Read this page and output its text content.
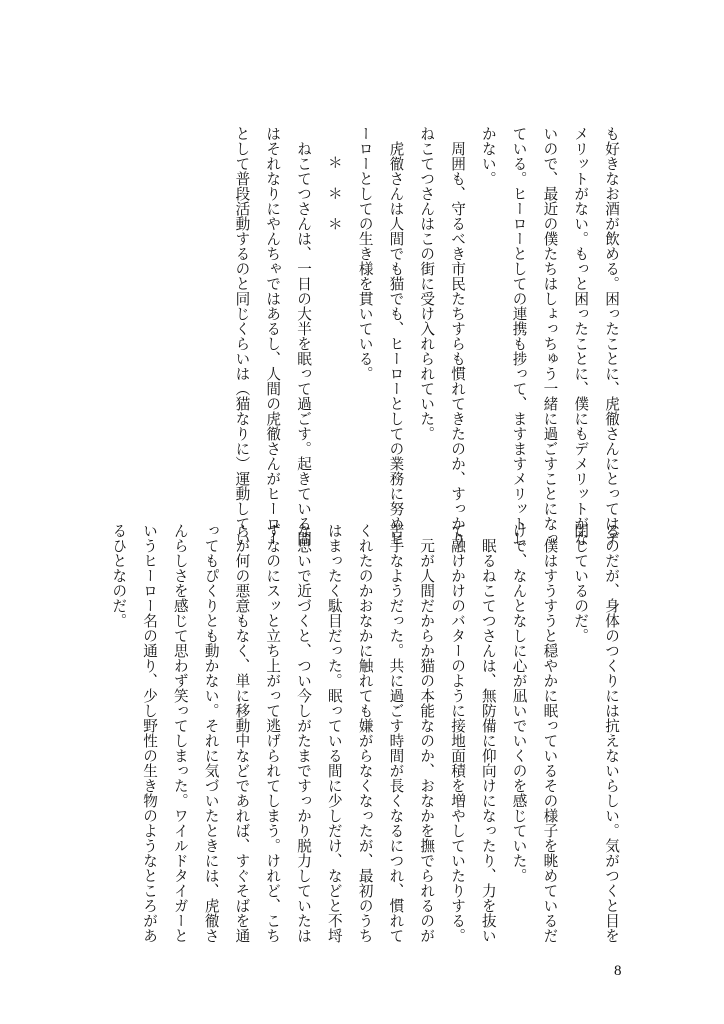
も好きなお酒が飲める。困ったことに、虎徹さんにとってはデ
メリットがない。もっと困ったことに、僕にもデメリットがな
いので、最近の僕たちはしょっちゅう一緒に過ごすことになっ
ている。ヒーローとしての連携も捗って、ますますメリットし
かない。
周囲も、守るべき市民たちすらも慣れてきたのか、すっかり
ねこてつさんはこの街に受け入れられていた。
虎徹さんは人間でも猫でも、ヒーローとしての業務に努めヒ
ーローとしての生き様を貫いている。
＊＊＊
ねこてつさんは、一日の大半を眠って過ごす。起きている間
はそれなりにやんちゃではあるし、人間の虎徹さんがヒーロー
として普段活動するのと同じくらいは（猫なりに）運動してい
るのだが、身体のつくりには抗えないらしい。気がつくと目を
閉じているのだ。
僕はすうすうと穏やかに眠っているその様子を眺めているだ
けで、なんとなしに心が凪いでいくのを感じていた。
眠るねこてつさんは、無防備に仰向けになったり、力を抜い
て融けかけのバターのように接地面積を増やしていたりする。
元が人間だからか猫の本能なのか、おなかを撫でられるのが
苦手なようだった。共に過ごす時間が長くなるにつれ、慣れて
くれたのかおなかに触れても嫌がらなくなったが、最初のうち
はまったく駄目だった。眠っている間に少しだけ、などと不埒
な思いで近づくと、つい今しがたまですっかり脱力していたは
ずなのにスッと立ち上がって逃げられてしまう。けれど、こち
らが何の悪意もなく、単に移動中などであれば、すぐそばを通
ってもぴくりとも動かない。それに気づいたときには、虎徹さ
んらしさを感じて思わず笑ってしまった。ワイルドタイガーと
いうヒーロー名の通り、少し野性の生き物のようなところがあ
るひとなのだ。
8
